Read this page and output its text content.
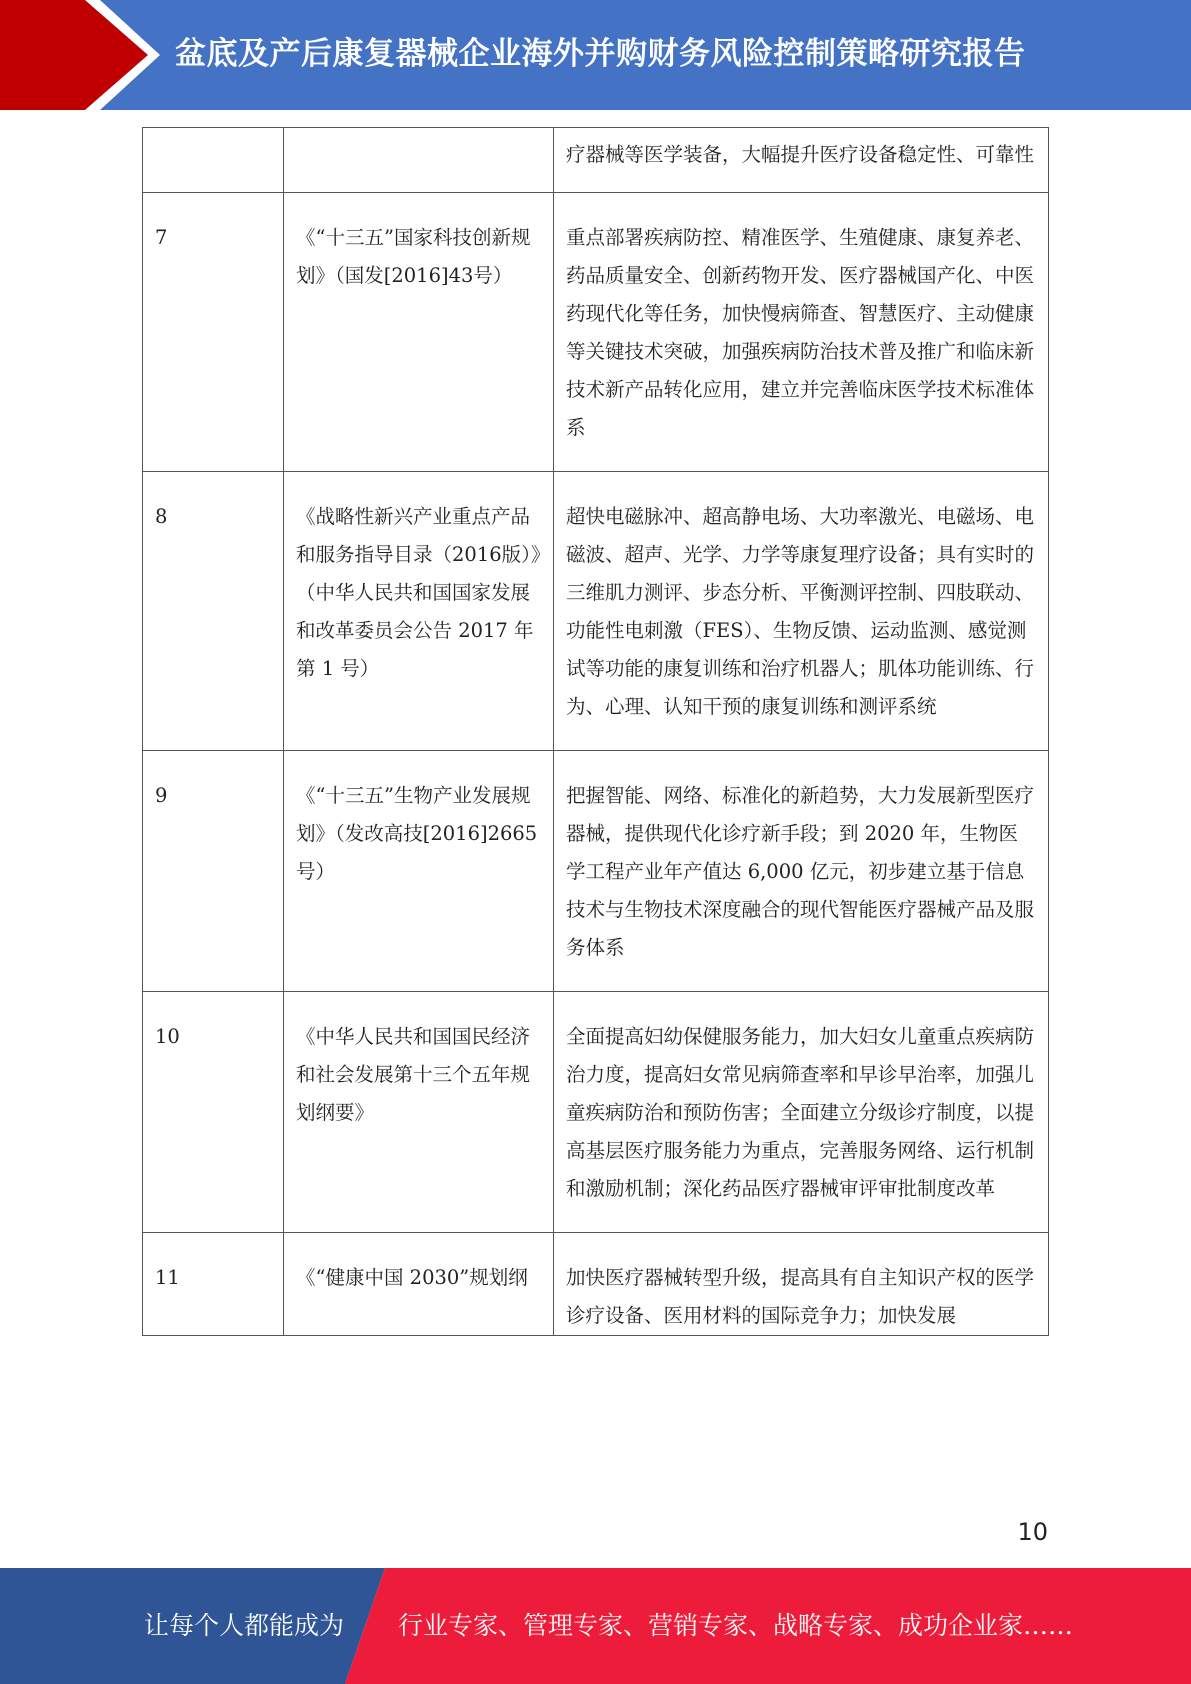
盆底及产后康复器械企业海外并购财务风险控制策略研究报告

		疗器械等医学装备，大幅提升医疗设备稳定性、可靠性

7	《“十三五”国家科技创新规划》（国发[2016]43号）	重点部署疾病防控、精准医学、生殖健康、康复养老、药品质量安全、创新药物开发、医疗器械国产化、中医药现代化等任务，加快慢病筛查、智慧医疗、主动健康等关键技术突破，加强疾病防治技术普及推广和临床新技术新产品转化应用，建立并完善临床医学技术标准体系

8	《战略性新兴产业重点产品和服务指导目录（2016版）》（中华人民共和国国家发展和改革委员会公告 2017 年第 1 号）	超快电磁脉冲、超高静电场、大功率激光、电磁场、电磁波、超声、光学、力学等康复理疗设备；具有实时的三维肌力测评、步态分析、平衡测评控制、四肢联动、功能性电刺激（FES）、生物反馈、运动监测、感觉测试等功能的康复训练和治疗机器人；肌体功能训练、行为、心理、认知干预的康复训练和测评系统

9	《“十三五”生物产业发展规划》（发改高技[2016]2665 号）	把握智能、网络、标准化的新趋势，大力发展新型医疗器械，提供现代化诊疗新手段；到 2020 年，生物医学工程产业年产值达 6,000 亿元，初步建立基于信息技术与生物技术深度融合的现代智能医疗器械产品及服务体系

10	《中华人民共和国国民经济和社会发展第十三个五年规划纲要》	全面提高妇幼保健服务能力，加大妇女儿童重点疾病防治力度，提高妇女常见病筛查率和早诊早治率，加强儿童疾病防治和预防伤害；全面建立分级诊疗制度，以提高基层医疗服务能力为重点，完善服务网络、运行机制和激励机制；深化药品医疗器械审评审批制度改革

11	《“健康中国 2030”规划纲	加快医疗器械转型升级，提高具有自主知识产权的医学诊疗设备、医用材料的国际竞争力；加快发展
10
让每个人都能成为 行业专家、管理专家、营销专家、战略专家、成功企业家……
